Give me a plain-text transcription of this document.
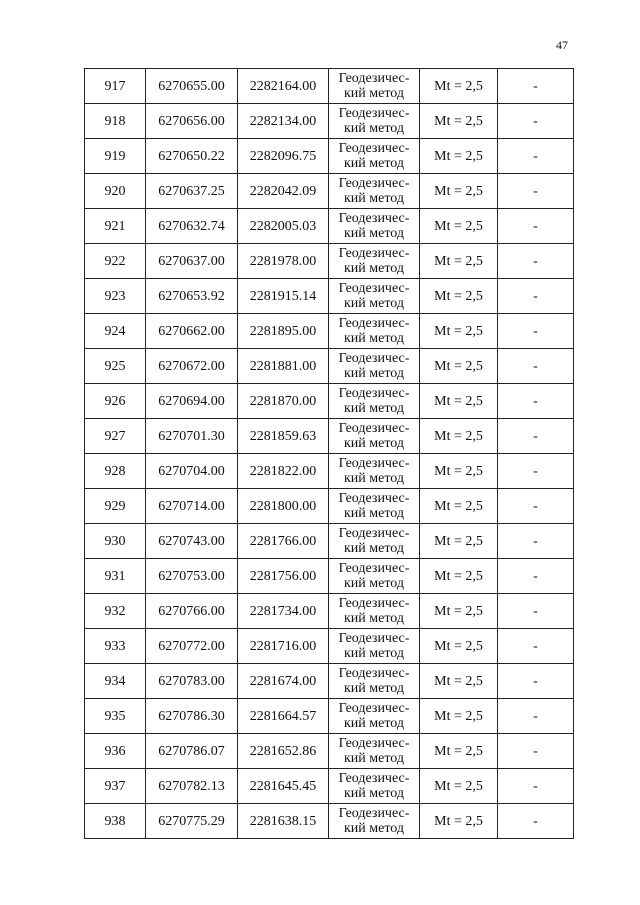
47
917	6270655.00	2282164.00	Геодезичес-
кий метод	Mt = 2,5	-
918	6270656.00	2282134.00	Геодезичес-
кий метод	Mt = 2,5	-
919	6270650.22	2282096.75	Геодезичес-
кий метод	Mt = 2,5	-
920	6270637.25	2282042.09	Геодезичес-
кий метод	Mt = 2,5	-
921	6270632.74	2282005.03	Геодезичес-
кий метод	Mt = 2,5	-
922	6270637.00	2281978.00	Геодезичес-
кий метод	Mt = 2,5	-
923	6270653.92	2281915.14	Геодезичес-
кий метод	Mt = 2,5	-
924	6270662.00	2281895.00	Геодезичес-
кий метод	Mt = 2,5	-
925	6270672.00	2281881.00	Геодезичес-
кий метод	Mt = 2,5	-
926	6270694.00	2281870.00	Геодезичес-
кий метод	Mt = 2,5	-
927	6270701.30	2281859.63	Геодезичес-
кий метод	Mt = 2,5	-
928	6270704.00	2281822.00	Геодезичес-
кий метод	Mt = 2,5	-
929	6270714.00	2281800.00	Геодезичес-
кий метод	Mt = 2,5	-
930	6270743.00	2281766.00	Геодезичес-
кий метод	Mt = 2,5	-
931	6270753.00	2281756.00	Геодезичес-
кий метод	Mt = 2,5	-
932	6270766.00	2281734.00	Геодезичес-
кий метод	Mt = 2,5	-
933	6270772.00	2281716.00	Геодезичес-
кий метод	Mt = 2,5	-
934	6270783.00	2281674.00	Геодезичес-
кий метод	Mt = 2,5	-
935	6270786.30	2281664.57	Геодезичес-
кий метод	Mt = 2,5	-
936	6270786.07	2281652.86	Геодезичес-
кий метод	Mt = 2,5	-
937	6270782.13	2281645.45	Геодезичес-
кий метод	Mt = 2,5	-
938	6270775.29	2281638.15	Геодезичес-
кий метод	Mt = 2,5	-
